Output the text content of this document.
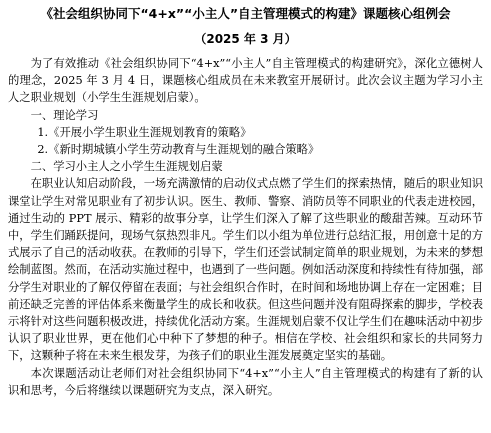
《社会组织协同下“4+x”“小主人”自主管理模式的构建》课题核心组例会
（2025 年 3 月）

为了有效推动《社会组织协同下“4+x”“小主人”自主管理模式的构建研究》，深化立德树人的理念，2025 年 3 月 4 日，课题核心组成员在未来教室开展研讨。此次会议主题为学习小主人之职业规划（小学生生涯规划启蒙）。

一、理论学习

1.《开展小学生职业生涯规划教育的策略》

2.《新时期城镇小学生劳动教育与生涯规划的融合策略》

二、学习小主人之小学生生涯规划启蒙

在职业认知启动阶段，一场充满激情的启动仪式点燃了学生们的探索热情，随后的职业知识课堂让学生对常见职业有了初步认识。医生、教师、警察、消防员等不同职业的代表走进校园，通过生动的 PPT 展示、精彩的故事分享，让学生们深入了解了这些职业的酸甜苦辣。互动环节中，学生们踊跃提问，现场气氛热烈非凡。学生们以小组为单位进行总结汇报，用创意十足的方式展示了自己的活动收获。在教师的引导下，学生们还尝试制定简单的职业规划，为未来的梦想绘制蓝图。然而，在活动实施过程中，也遇到了一些问题。例如活动深度和持续性有待加强，部分学生对职业的了解仅停留在表面；与社会组织合作时，在时间和场地协调上存在一定困难；目前还缺乏完善的评估体系来衡量学生的成长和收获。但这些问题并没有阻碍探索的脚步，学校表示将针对这些问题积极改进，持续优化活动方案。生涯规划启蒙不仅让学生们在趣味活动中初步认识了职业世界，更在他们心中种下了梦想的种子。相信在学校、社会组织和家长的共同努力下，这颗种子将在未来生根发芽，为孩子们的职业生涯发展奠定坚实的基础。

本次课题活动让老师们对社会组织协同下“4+x”“小主人”自主管理模式的构建有了新的认识和思考，今后将继续以课题研究为支点，深入研究。
